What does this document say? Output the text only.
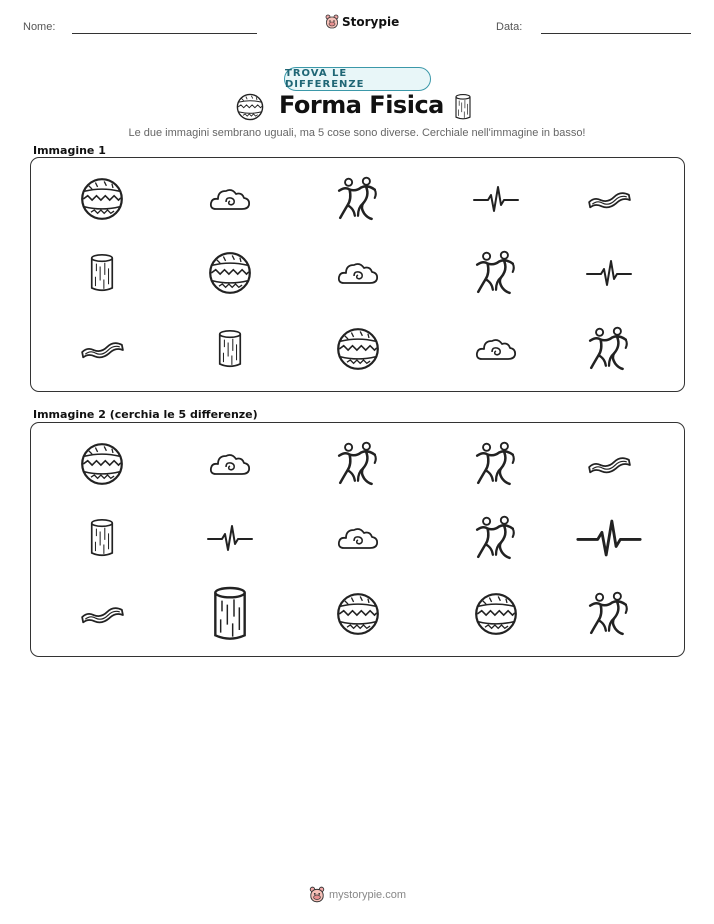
Nome:	Storypie	Data:
TROVA LE DIFFERENZE
Forma Fisica
Le due immagini sembrano uguali, ma 5 cose sono diverse. Cerchiale nell'immagine in basso!
Immagine 1
Immagine 2 (cerchia le 5 differenze)
mystorypie.com
